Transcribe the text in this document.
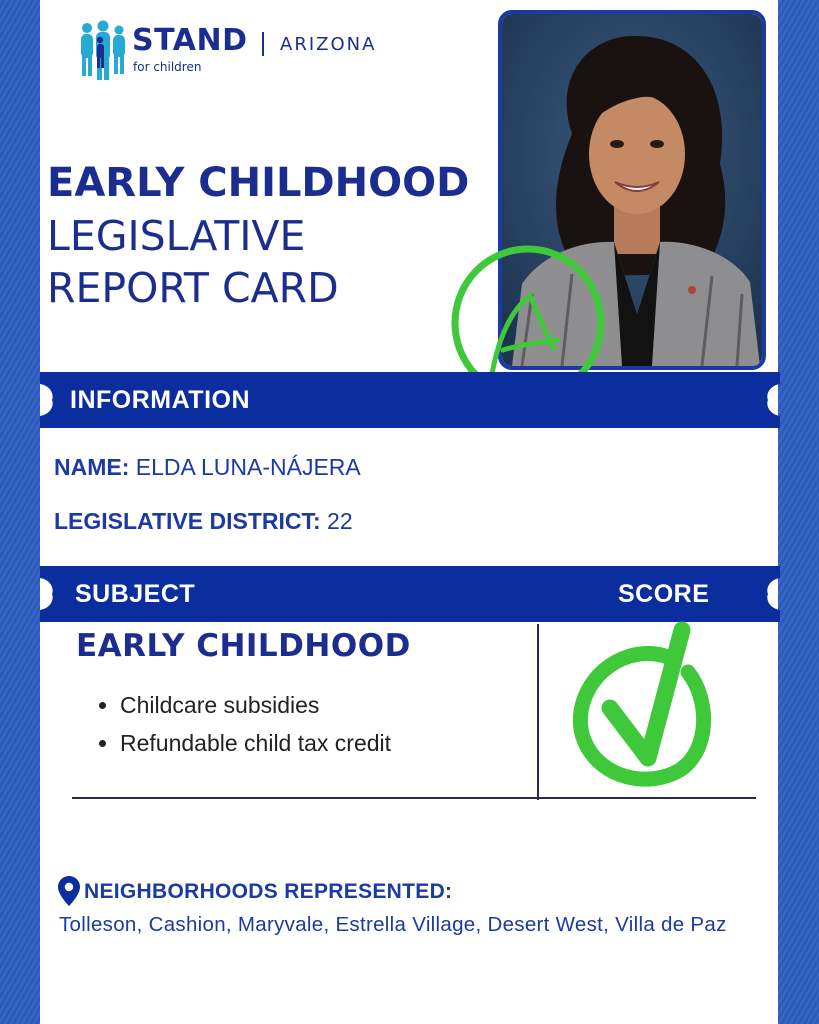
STAND
for children
ARIZONA
EARLY CHILDHOOD
LEGISLATIVE
REPORT CARD
A
INFORMATION
NAME: ELDA LUNA-NÁJERA
LEGISLATIVE DISTRICT: 22
SUBJECT	SCORE
EARLY CHILDHOOD
Childcare subsidies
Refundable child tax credit
NEIGHBORHOODS REPRESENTED:
Tolleson, Cashion, Maryvale, Estrella Village, Desert West, Villa de Paz
